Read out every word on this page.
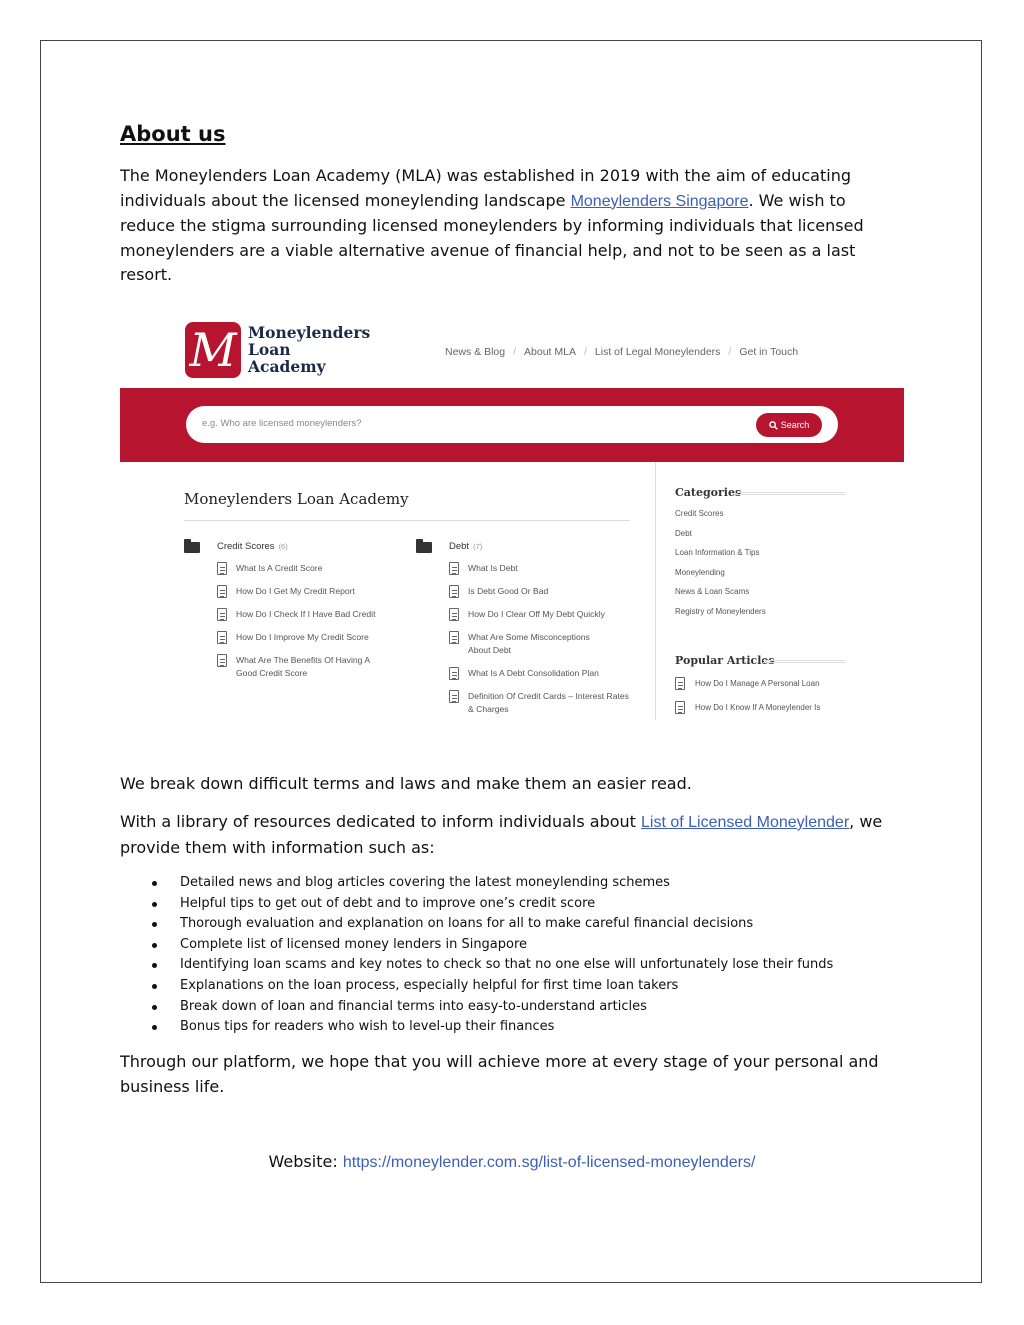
About us

The Moneylenders Loan Academy (MLA) was established in 2019 with the aim of educating individuals about the licensed moneylending landscape Moneylenders Singapore. We wish to reduce the stigma surrounding licensed moneylenders by informing individuals that licensed moneylenders are a viable alternative avenue of financial help, and not to be seen as a last resort.

M Moneylenders
Loan
Academy
News & Blog / About MLA / List of Legal Moneylenders / Get in Touch
e.g. Who are licensed moneylenders?	Search
Moneylenders Loan Academy
Credit Scores (6)
What Is A Credit Score
How Do I Get My Credit Report
How Do I Check If I Have Bad Credit
How Do I Improve My Credit Score
What Are The Benefits Of Having A Good Credit Score
Debt (7)
What Is Debt
Is Debt Good Or Bad
How Do I Clear Off My Debt Quickly
What Are Some Misconceptions About Debt
What Is A Debt Consolidation Plan
Definition Of Credit Cards – Interest Rates & Charges
Categories
Credit Scores
Debt
Loan Information & Tips
Moneylending
News & Loan Scams
Registry of Moneylenders
Popular Articles
How Do I Manage A Personal Loan
How Do I Know If A Moneylender Is

We break down difficult terms and laws and make them an easier read.

With a library of resources dedicated to inform individuals about List of Licensed Moneylender, we provide them with information such as:

Detailed news and blog articles covering the latest moneylending schemes
Helpful tips to get out of debt and to improve one’s credit score
Thorough evaluation and explanation on loans for all to make careful financial decisions
Complete list of licensed money lenders in Singapore
Identifying loan scams and key notes to check so that no one else will unfortunately lose their funds
Explanations on the loan process, especially helpful for first time loan takers
Break down of loan and financial terms into easy-to-understand articles
Bonus tips for readers who wish to level-up their finances

Through our platform, we hope that you will achieve more at every stage of your personal and business life.

Website: https://moneylender.com.sg/list-of-licensed-moneylenders/
